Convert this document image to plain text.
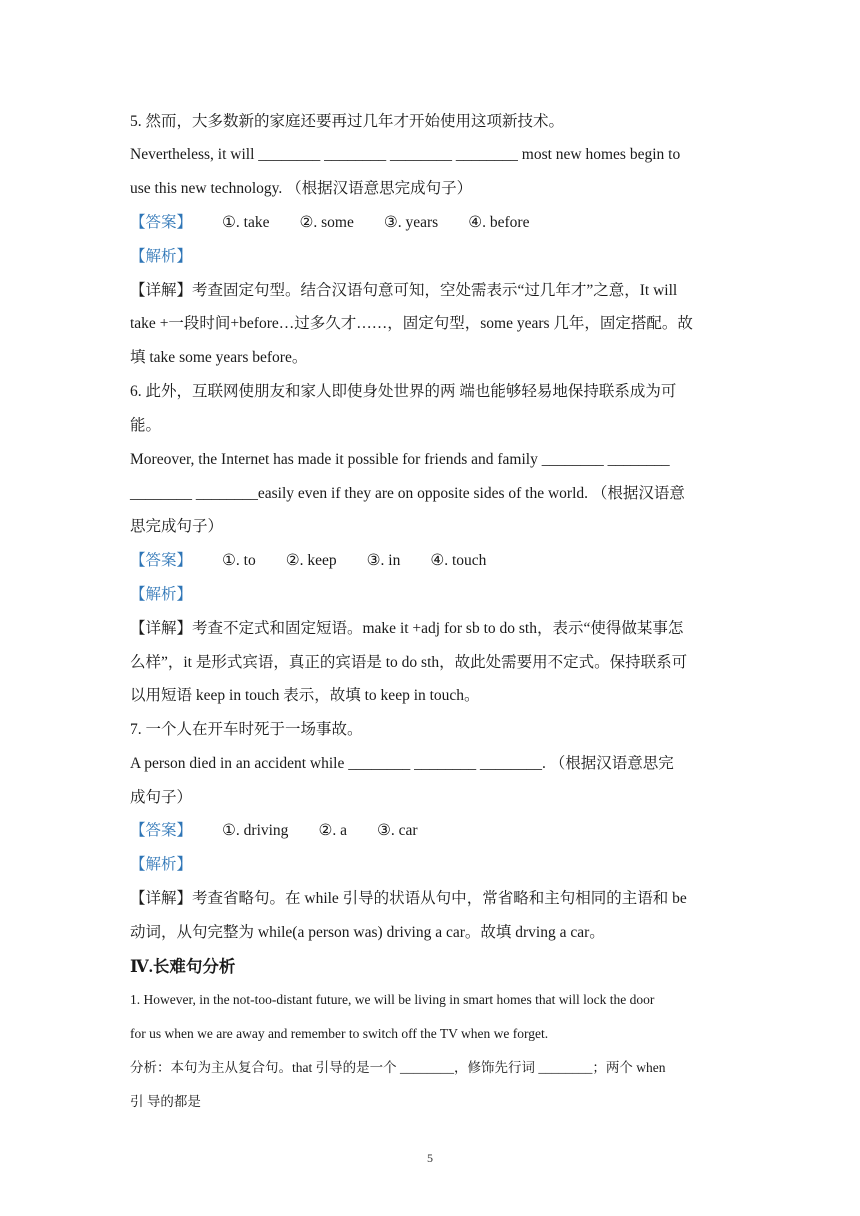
5. 然而，大多数新的家庭还要再过几年才开始使用这项新技术。
Nevertheless, it will ________ ________ ________ ________ most new homes begin to
use this new technology. （根据汉语意思完成句子）
【答案】 ①. take ②. some ③. years ④. before
【解析】
【详解】考查固定句型。结合汉语句意可知，空处需表示“过几年才”之意，It will
take +一段时间+before…过多久才……，固定句型，some years 几年，固定搭配。故
填 take some years before。
6. 此外，互联网使朋友和家人即使身处世界的两 端也能够轻易地保持联系成为可
能。
Moreover, the Internet has made it possible for friends and family ________ ________
________ ________easily even if they are on opposite sides of the world. （根据汉语意
思完成句子）
【答案】 ①. to ②. keep ③. in ④. touch
【解析】
【详解】考查不定式和固定短语。make it +adj for sb to do sth，表示“使得做某事怎
么样”，it 是形式宾语，真正的宾语是 to do sth，故此处需要用不定式。保持联系可
以用短语 keep in touch 表示，故填 to keep in touch。
7. 一个人在开车时死于一场事故。
A person died in an accident while ________ ________ ________. （根据汉语意思完
成句子）
【答案】 ①. driving ②. a ③. car
【解析】
【详解】考查省略句。在 while 引导的状语从句中，常省略和主句相同的主语和 be
动词，从句完整为 while(a person was) driving a car。故填 drving a car。
Ⅳ.长难句分析
1. However, in the not-too-distant future, we will be living in smart homes that will lock the door
for us when we are away and remember to switch off the TV when we forget.
分析：本句为主从复合句。that 引导的是一个 ________，修饰先行词 ________；两个 when
引 导的都是
5
